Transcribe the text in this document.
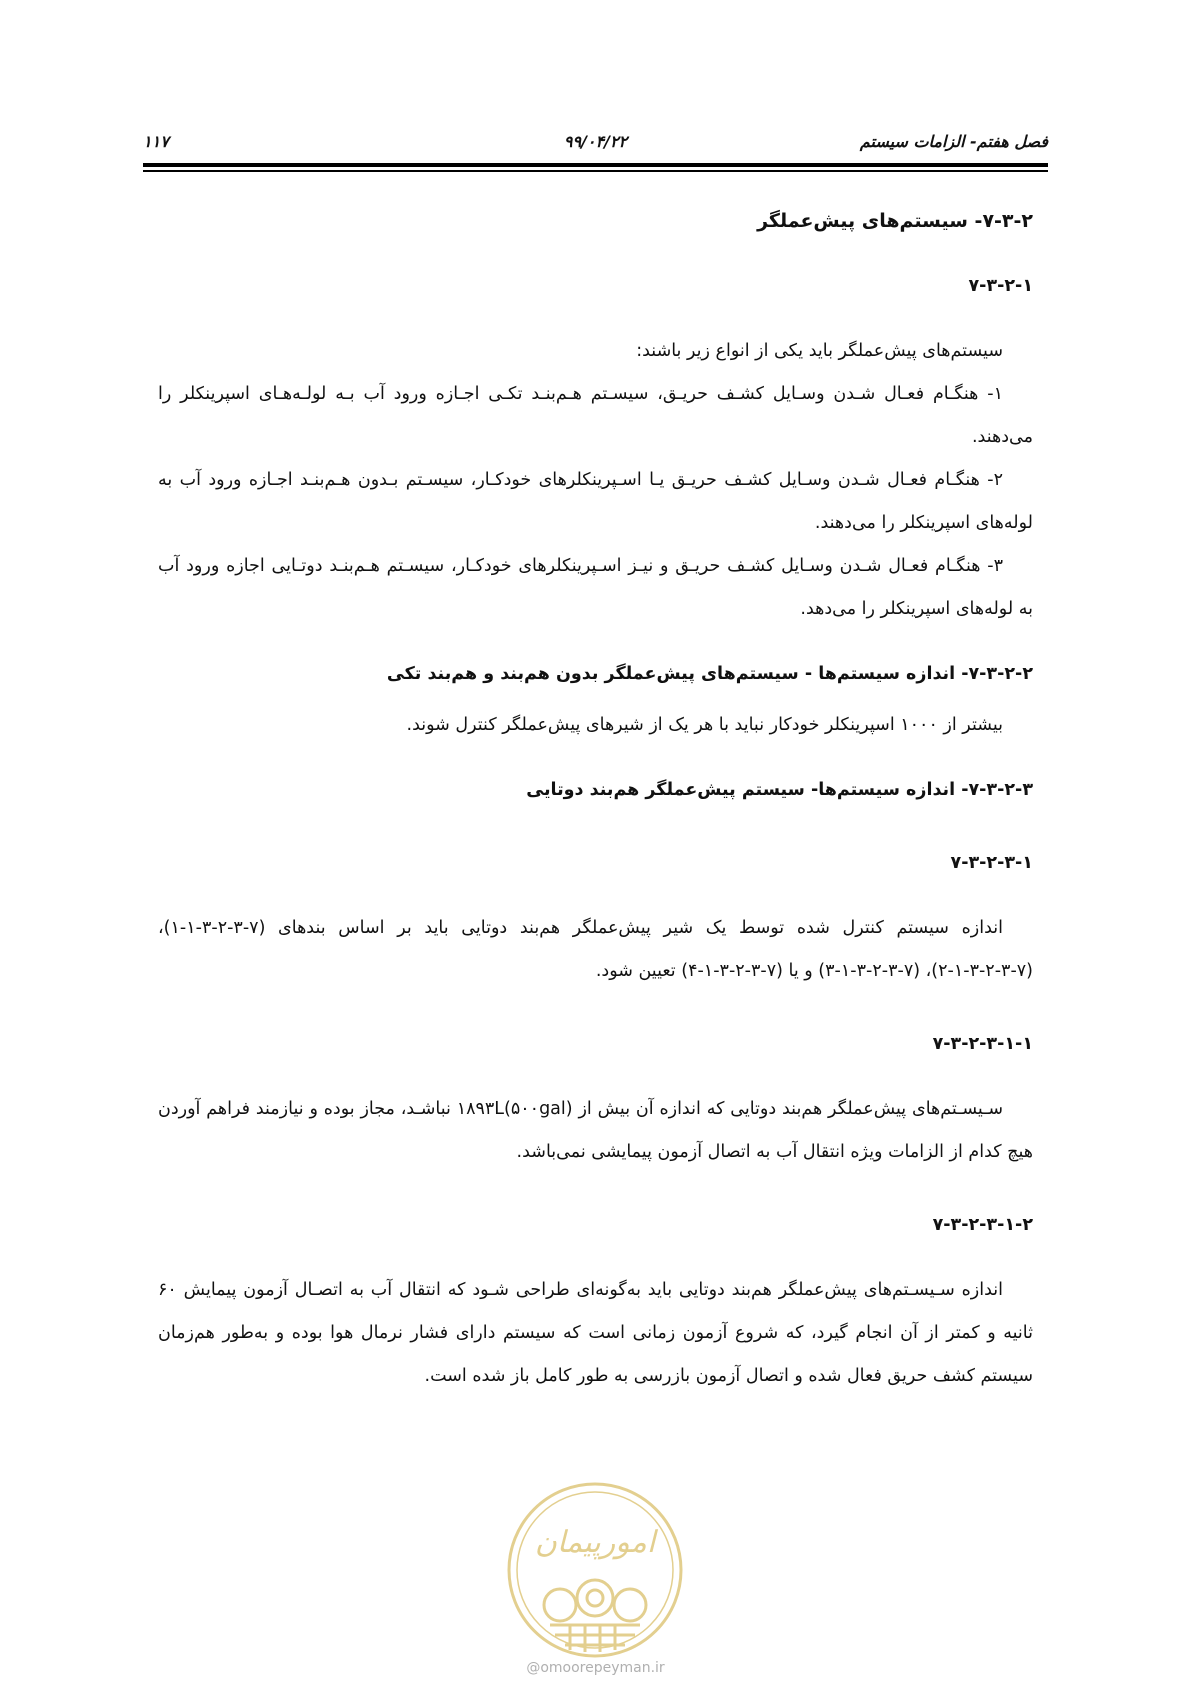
فصل هفتم- الزامات سیستم
۹۹/۰۴/۲۲
۱۱۷

۷-۳-۲- سیستم‌های پیش‌عملگر

۷-۳-۲-۱

سیستم‌های پیش‌عملگر باید یکی از انواع زیر باشند:

۱- هنگـام فعـال شـدن وسـایل کشـف حریـق، سیسـتم هـم‌بنـد تکـی اجـازه ورود آب بـه لولـه‌هـای اسپرینکلر را می‌دهند.

۲- هنگـام فعـال شـدن وسـایل کشـف حریـق یـا اسـپرینکلرهای خودکـار، سیسـتم بـدون هـم‌بنـد اجـازه ورود آب به لوله‌های اسپرینکلر را می‌دهند.

۳- هنگـام فعـال شـدن وسـایل کشـف حریـق و نیـز اسـپرینکلرهای خودکـار، سیسـتم هـم‌بنـد دوتـایی اجازه ورود آب به لوله‌های اسپرینکلر را می‌دهد.

۷-۳-۲-۲- اندازه سیستم‌ها - سیستم‌های پیش‌عملگر بدون هم‌بند و هم‌بند تکی

بیشتر از ۱۰۰۰ اسپرینکلر خودکار نباید با هر یک از شیرهای پیش‌عملگر کنترل شوند.

۷-۳-۲-۳- اندازه سیستم‌ها- سیستم پیش‌عملگر هم‌بند دوتایی

۷-۳-۲-۳-۱

اندازه سیستم کنترل شده توسط یک شیر پیش‌عملگر هم‌بند دوتایی باید بر اساس بندهای (۷-۳-۲-۳-۱-۱)، (۷-۳-۲-۳-۱-۲)، (۷-۳-۲-۳-۱-۳) و یا (۷-۳-۲-۳-۱-۴) تعیین شود.

۷-۳-۲-۳-۱-۱

سـیسـتم‌های پیش‌عملگر هم‌بند دوتایی که اندازه آن بیش از ۱۸۹۳L(۵۰۰gal) نباشـد، مجاز بوده و نیازمند فراهم آوردن هیچ کدام از الزامات ویژه انتقال آب به اتصال آزمون پیمایشی نمی‌باشد.

۷-۳-۲-۳-۱-۲

اندازه سـیسـتم‌های پیش‌عملگر هم‌بند دوتایی باید به‌گونه‌ای طراحی شـود که انتقال آب به اتصـال آزمون پیمایش ۶۰ ثانیه و کمتر از آن انجام گیرد، که شروع آزمون زمانی است که سیستم دارای فشار نرمال هوا بوده و به‌طور هم‌زمان سیستم کشف حریق فعال شده و اتصال آزمون بازرسی به طور کامل باز شده است.

امورپیمان
@omoorepeyman.ir
